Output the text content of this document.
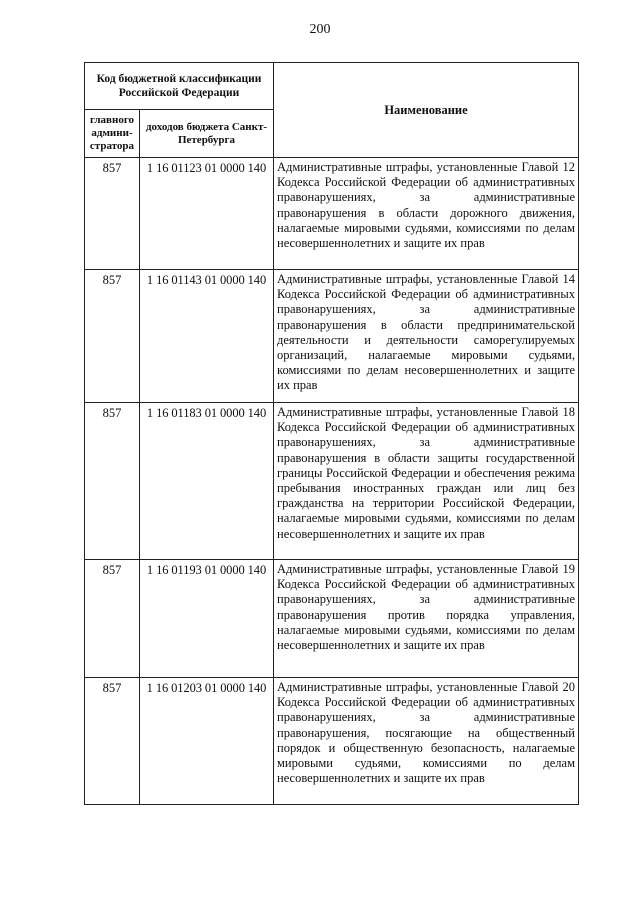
200
Код бюджетной классификации Российской Федерации		Наименование
главного админи-стратора	доходов бюджета Санкт-Петербурга	
857	1 16 01123 01 0000 140	Административные штрафы, установленные Главой 12 Кодекса Российской Федерации об административных правонарушениях, за административные правонарушения в области дорожного движения, налагаемые мировыми судьями, комиссиями по делам несовершеннолетних и защите их прав
857	1 16 01143 01 0000 140	Административные штрафы, установленные Главой 14 Кодекса Российской Федерации об административных правонарушениях, за административные правонарушения в области предпринимательской деятельности и деятельности саморегулируемых организаций, налагаемые мировыми судьями, комиссиями по делам несовершеннолетних и защите их прав
857	1 16 01183 01 0000 140	Административные штрафы, установленные Главой 18 Кодекса Российской Федерации об административных правонарушениях, за административные правонарушения в области защиты государственной границы Российской Федерации и обеспечения режима пребывания иностранных граждан или лиц без гражданства на территории Российской Федерации, налагаемые мировыми судьями, комиссиями по делам несовершеннолетних и защите их прав
857	1 16 01193 01 0000 140	Административные штрафы, установленные Главой 19 Кодекса Российской Федерации об административных правонарушениях, за административные правонарушения против порядка управления, налагаемые мировыми судьями, комиссиями по делам несовершеннолетних и защите их прав
857	1 16 01203 01 0000 140	Административные штрафы, установленные Главой 20 Кодекса Российской Федерации об административных правонарушениях, за административные правонарушения, посягающие на общественный порядок и общественную безопасность, налагаемые мировыми судьями, комиссиями по делам несовершеннолетних и защите их прав
